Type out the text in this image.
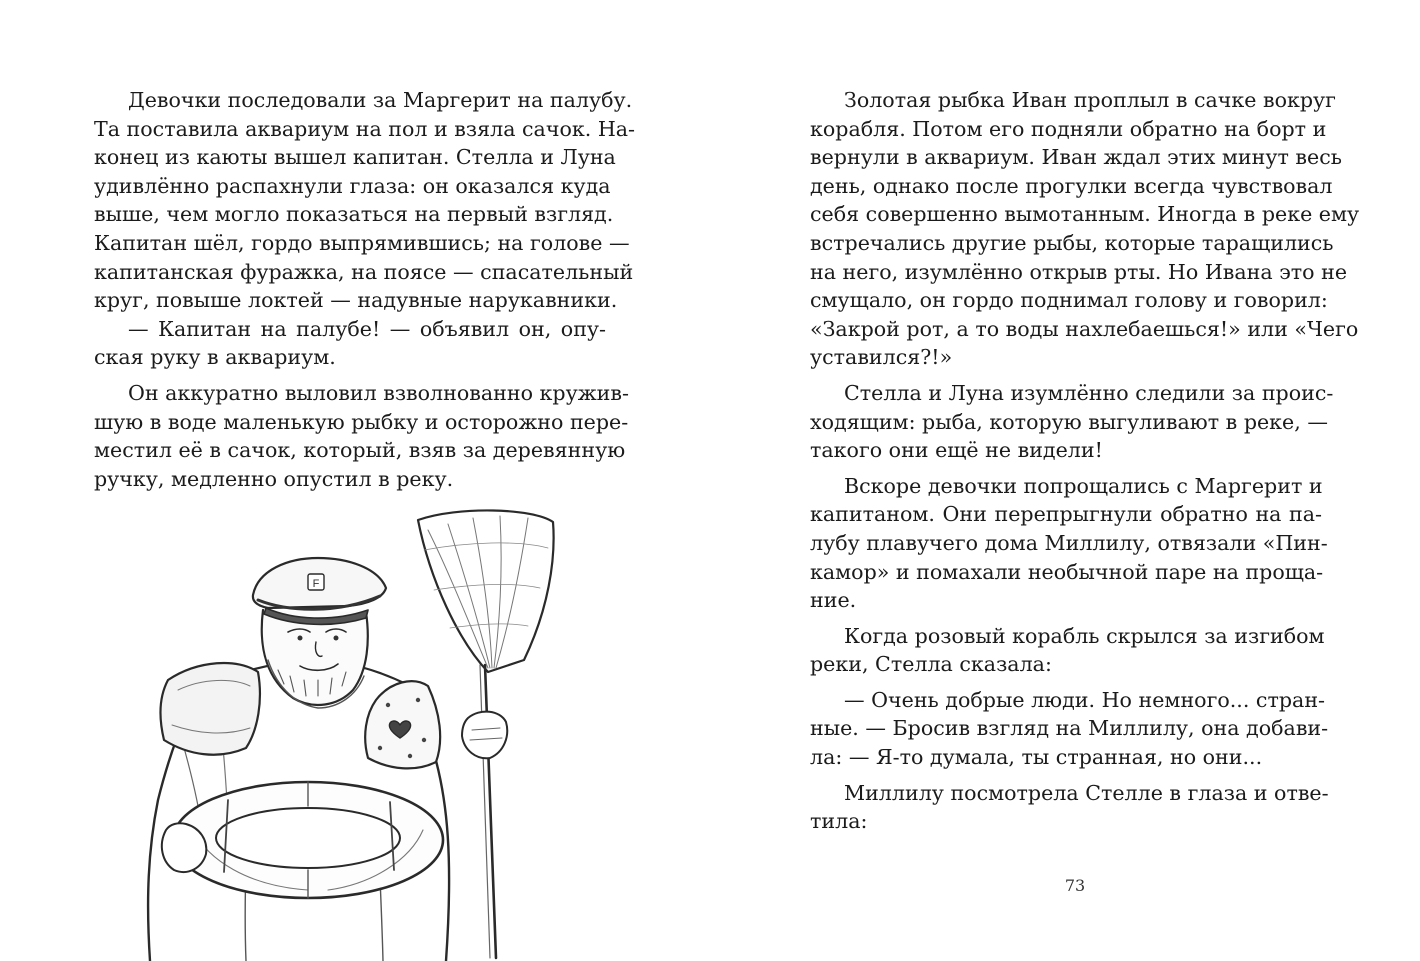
Девочки последовали за Маргерит на палубу.
Та поставила аквариум на пол и взяла сачок. На-
конец из каюты вышел капитан. Стелла и Луна
удивлённо распахнули глаза: он оказался куда
выше, чем могло показаться на первый взгляд.
Капитан шёл, гордо выпрямившись; на голове —
капитанская фуражка, на поясе — спасательный
круг, повыше локтей — надувные нарукавники.
— Капитан на палубе! — объявил он, опу-
ская руку в аквариум.
Он аккуратно выловил взволнованно кружив-
шую в воде маленькую рыбку и осторожно пере-
местил её в сачок, который, взяв за деревянную
ручку, медленно опустил в реку.
F
Золотая рыбка Иван проплыл в сачке вокруг
корабля. Потом его подняли обратно на борт и
вернули в аквариум. Иван ждал этих минут весь
день, однако после прогулки всегда чувствовал
себя совершенно вымотанным. Иногда в реке ему
встречались другие рыбы, которые таращились
на него, изумлённо открыв рты. Но Ивана это не
смущало, он гордо поднимал голову и говорил:
«Закрой рот, а то воды нахлебаешься!» или «Чего
уставился?!»
Стелла и Луна изумлённо следили за проис-
ходящим: рыба, которую выгуливают в реке, —
такого они ещё не видели!
Вскоре девочки попрощались с Маргерит и
капитаном. Они перепрыгнули обратно на па-
лубу плавучего дома Миллилу, отвязали «Пин-
камор» и помахали необычной паре на проща-
ние.
Когда розовый корабль скрылся за изгибом
реки, Стелла сказала:
— Очень добрые люди. Но немного... стран-
ные. — Бросив взгляд на Миллилу, она добави-
ла: — Я-то думала, ты странная, но они...
Миллилу посмотрела Стелле в глаза и отве-
тила:
73
